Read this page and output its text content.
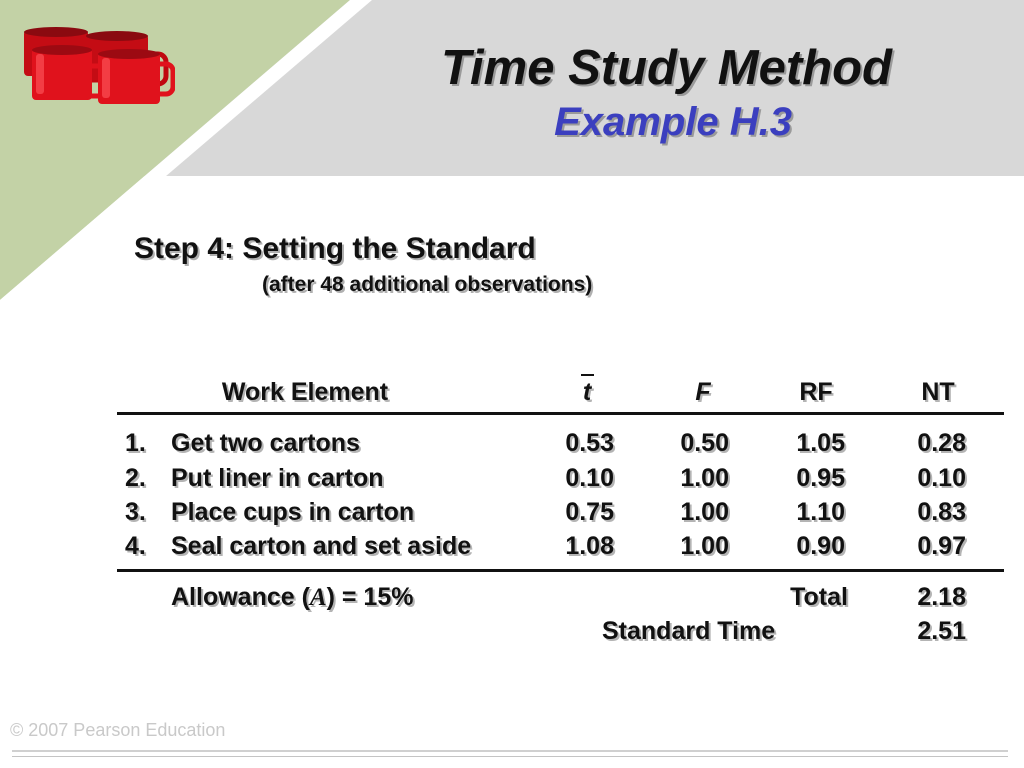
Time Study Method
Example H.3
Step 4: Setting the Standard
(after 48 additional observations)
Work Element	t	F	RF	NT
1. Get two cartons	0.53	0.50	1.05	0.28
2. Put liner in carton	0.10	1.00	0.95	0.10
3. Place cups in carton	0.75	1.00	1.10	0.83
4. Seal carton and set aside	1.08	1.00	0.90	0.97
Allowance (A) = 15%	Total	2.18
Standard Time	2.51
© 2007 Pearson Education
